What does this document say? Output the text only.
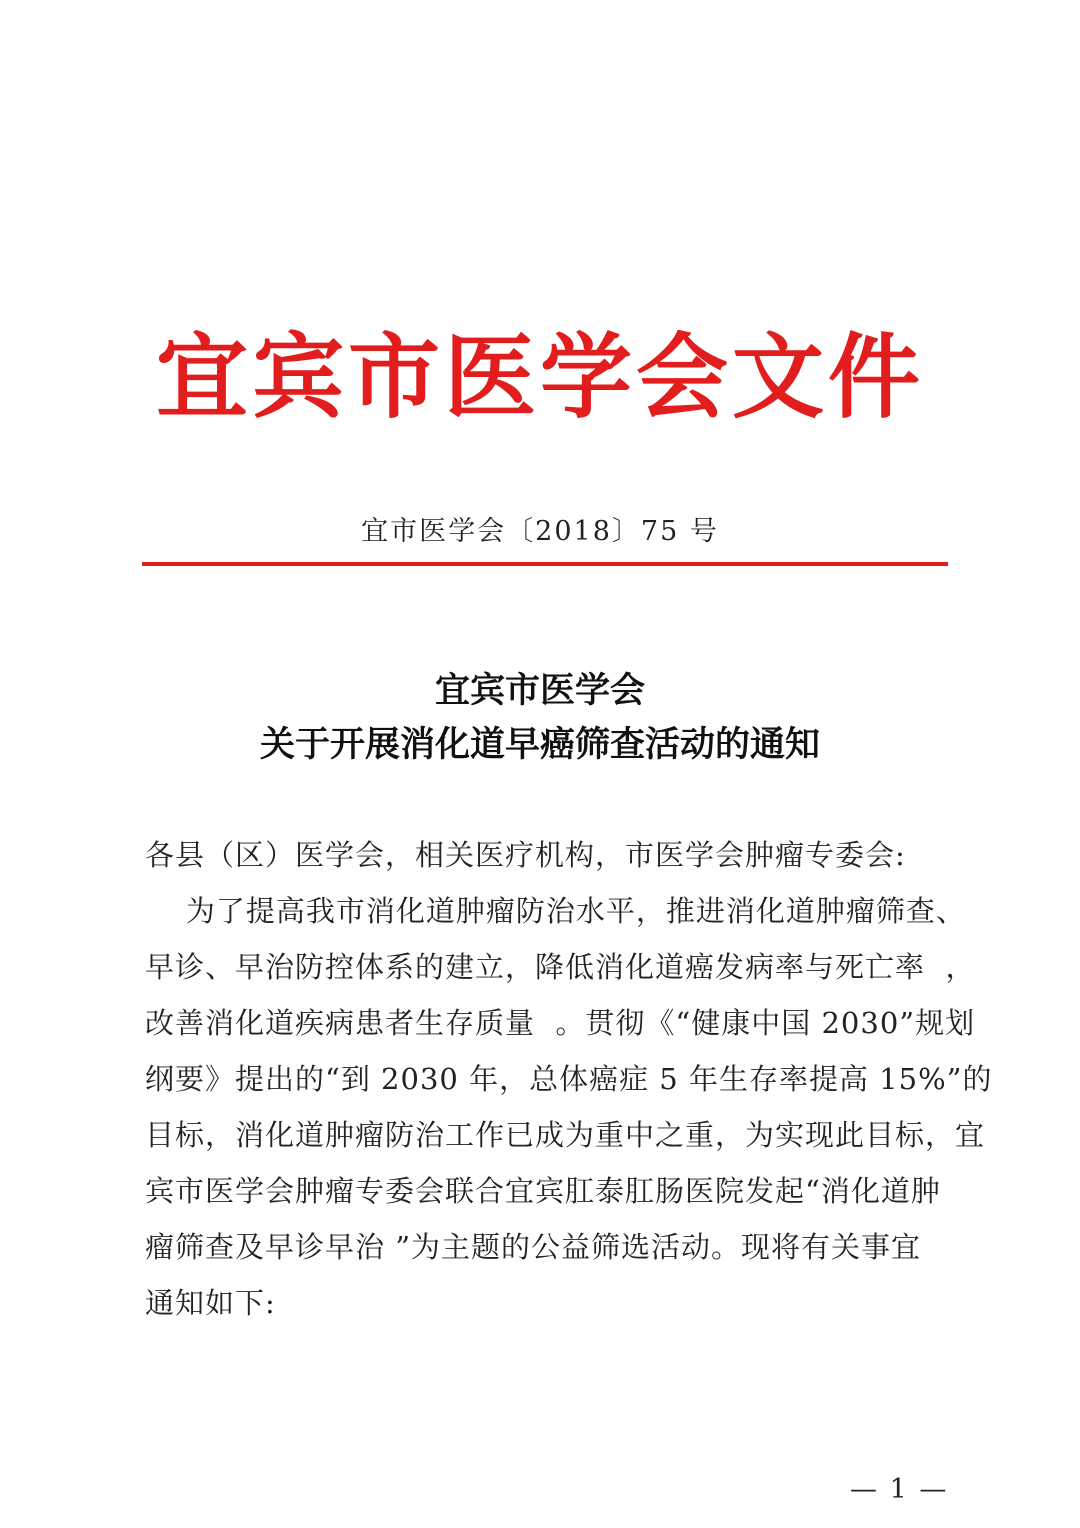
宜宾市医学会文件
宜市医学会〔2018〕75 号
宜宾市医学会
关于开展消化道早癌筛查活动的通知
各县（区）医学会，相关医疗机构，市医学会肿瘤专委会:
为了提高我市消化道肿瘤防治水平，推进消化道肿瘤筛查、
早诊、早治防控体系的建立，降低消化道癌发病率与死亡率  ，
改善消化道疾病患者生存质量  。贯彻《“健康中国 2030”规划
纲要》提出的“到 2030 年，总体癌症 5 年生存率提高 15%”的
目标，消化道肿瘤防治工作已成为重中之重，为实现此目标，宜
宾市医学会肿瘤专委会联合宜宾肛泰肛肠医院发起“消化道肿
瘤筛查及早诊早治 ”为主题的公益筛选活动。现将有关事宜
通知如下:
— 1 —
